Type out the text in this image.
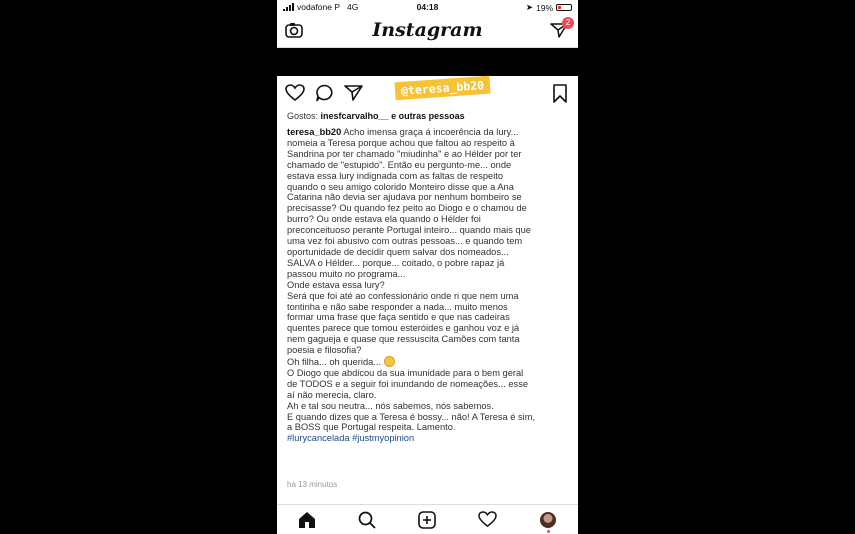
vodafone P 4G	04:18	➤ 19%
Instagram	2
@teresa_bb20
Gostos: inesfcarvalho__ e outras pessoas
teresa_bb20 Acho imensa graça á incoerência da lury...
nomeia a Teresa porque achou que faltou ao respeito à
Sandrina por ter chamado "miudinha" e ao Hélder por ter
chamado de "estupido". Então eu pergunto-me... onde
estava essa lury indignada com as faltas de respeito
quando o seu amigo colorido Monteiro disse que a Ana
Catarina não devia ser ajudava por nenhum bombeiro se
precisasse? Ou quando fez peito ao Diogo e o chamou de
burro? Ou onde estava ela quando o Hélder foi
preconceituoso perante Portugal inteiro... quando mais que
uma vez foi abusivo com outras pessoas... e quando tem
oportunidade de decidir quem salvar dos nomeados...
SALVA o Hélder... porque... coitado, o pobre rapaz já
passou muito no programa...
Onde estava essa lury?
Será que foi até ao confessionário onde ri que nem uma
tontinha e não sabe responder a nada... muito menos
formar uma frase que faça sentido e que nas cadeiras
quentes parece que tomou esteróides e ganhou voz e já
nem gagueja e quase que ressuscita Camões com tanta
poesia e filosofia?
Oh filha... oh querida...
O Diogo que abdicou da sua imunidade para o bem geral
de TODOS e a seguir foi inundando de nomeações... esse
aí não merecia, claro.
Ah e tal sou neutra... nós sabemos, nós sabemos.
E quando dizes que a Teresa é bossy... não! A Teresa é sim,
a BOSS que Portugal respeita. Lamento.
#lurycancelada #justmyopinion
há 13 minutos
